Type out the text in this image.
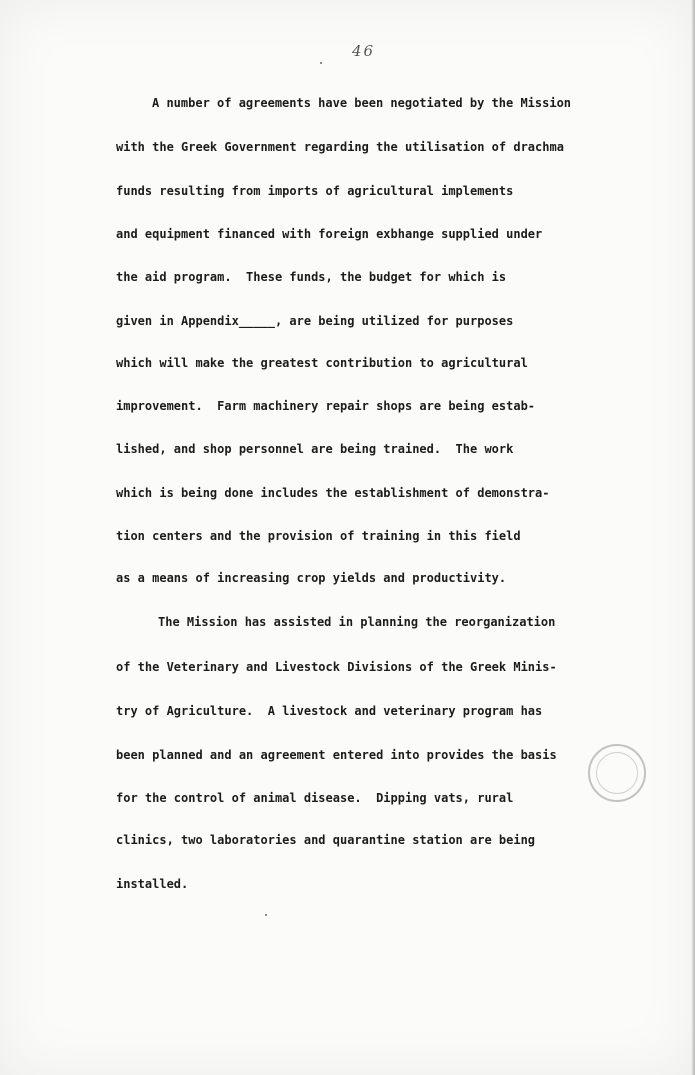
46
A number of agreements have been negotiated by the Mission
with the Greek Government regarding the utilisation of drachma
funds resulting from imports of agricultural implements
and equipment financed with foreign exbhange supplied under
the aid program.  These funds, the budget for which is
given in Appendix_____, are being utilized for purposes
which will make the greatest contribution to agricultural
improvement.  Farm machinery repair shops are being estab-
lished, and shop personnel are being trained.  The work
which is being done includes the establishment of demonstra-
tion centers and the provision of training in this field
as a means of increasing crop yields and productivity.
The Mission has assisted in planning the reorganization
of the Veterinary and Livestock Divisions of the Greek Minis-
try of Agriculture.  A livestock and veterinary program has
been planned and an agreement entered into provides the basis
for the control of animal disease.  Dipping vats, rural
clinics, two laboratories and quarantine station are being
installed.
